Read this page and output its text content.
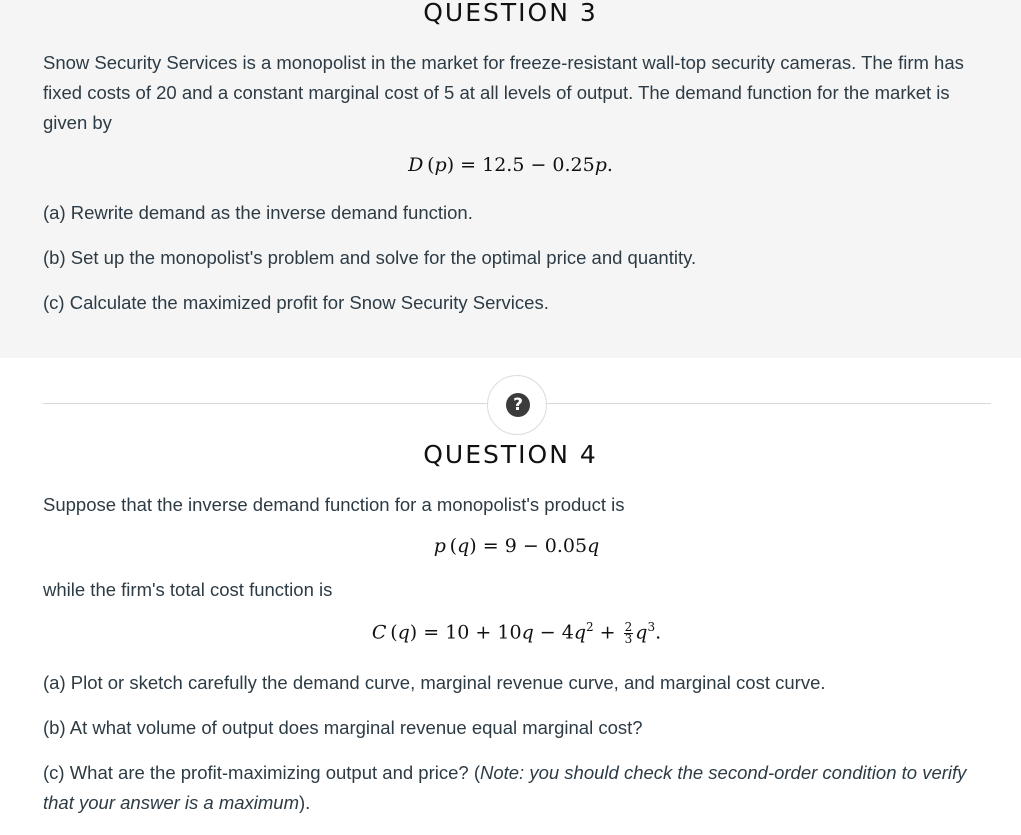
QUESTION 3

Snow Security Services is a monopolist in the market for freeze-resistant wall-top security cameras. The firm has fixed costs of 20 and a constant marginal cost of 5 at all levels of output. The demand function for the market is given by

D (p) = 12.5 − 0.25p.

(a) Rewrite demand as the inverse demand function.

(b) Set up the monopolist's problem and solve for the optimal price and quantity.

(c) Calculate the maximized profit for Snow Security Services.

?
QUESTION 4

Suppose that the inverse demand function for a monopolist's product is

p (q) = 9 − 0.05q

while the firm's total cost function is

C $(q) = 10 + 10q - 4q^2 + \frac{2}{3} q^3$.

(a) Plot or sketch carefully the demand curve, marginal revenue curve, and marginal cost curve.

(b) At what volume of output does marginal revenue equal marginal cost?

(c) What are the profit-maximizing output and price? (Note: you should check the second-order condition to verify that your answer is a maximum).
